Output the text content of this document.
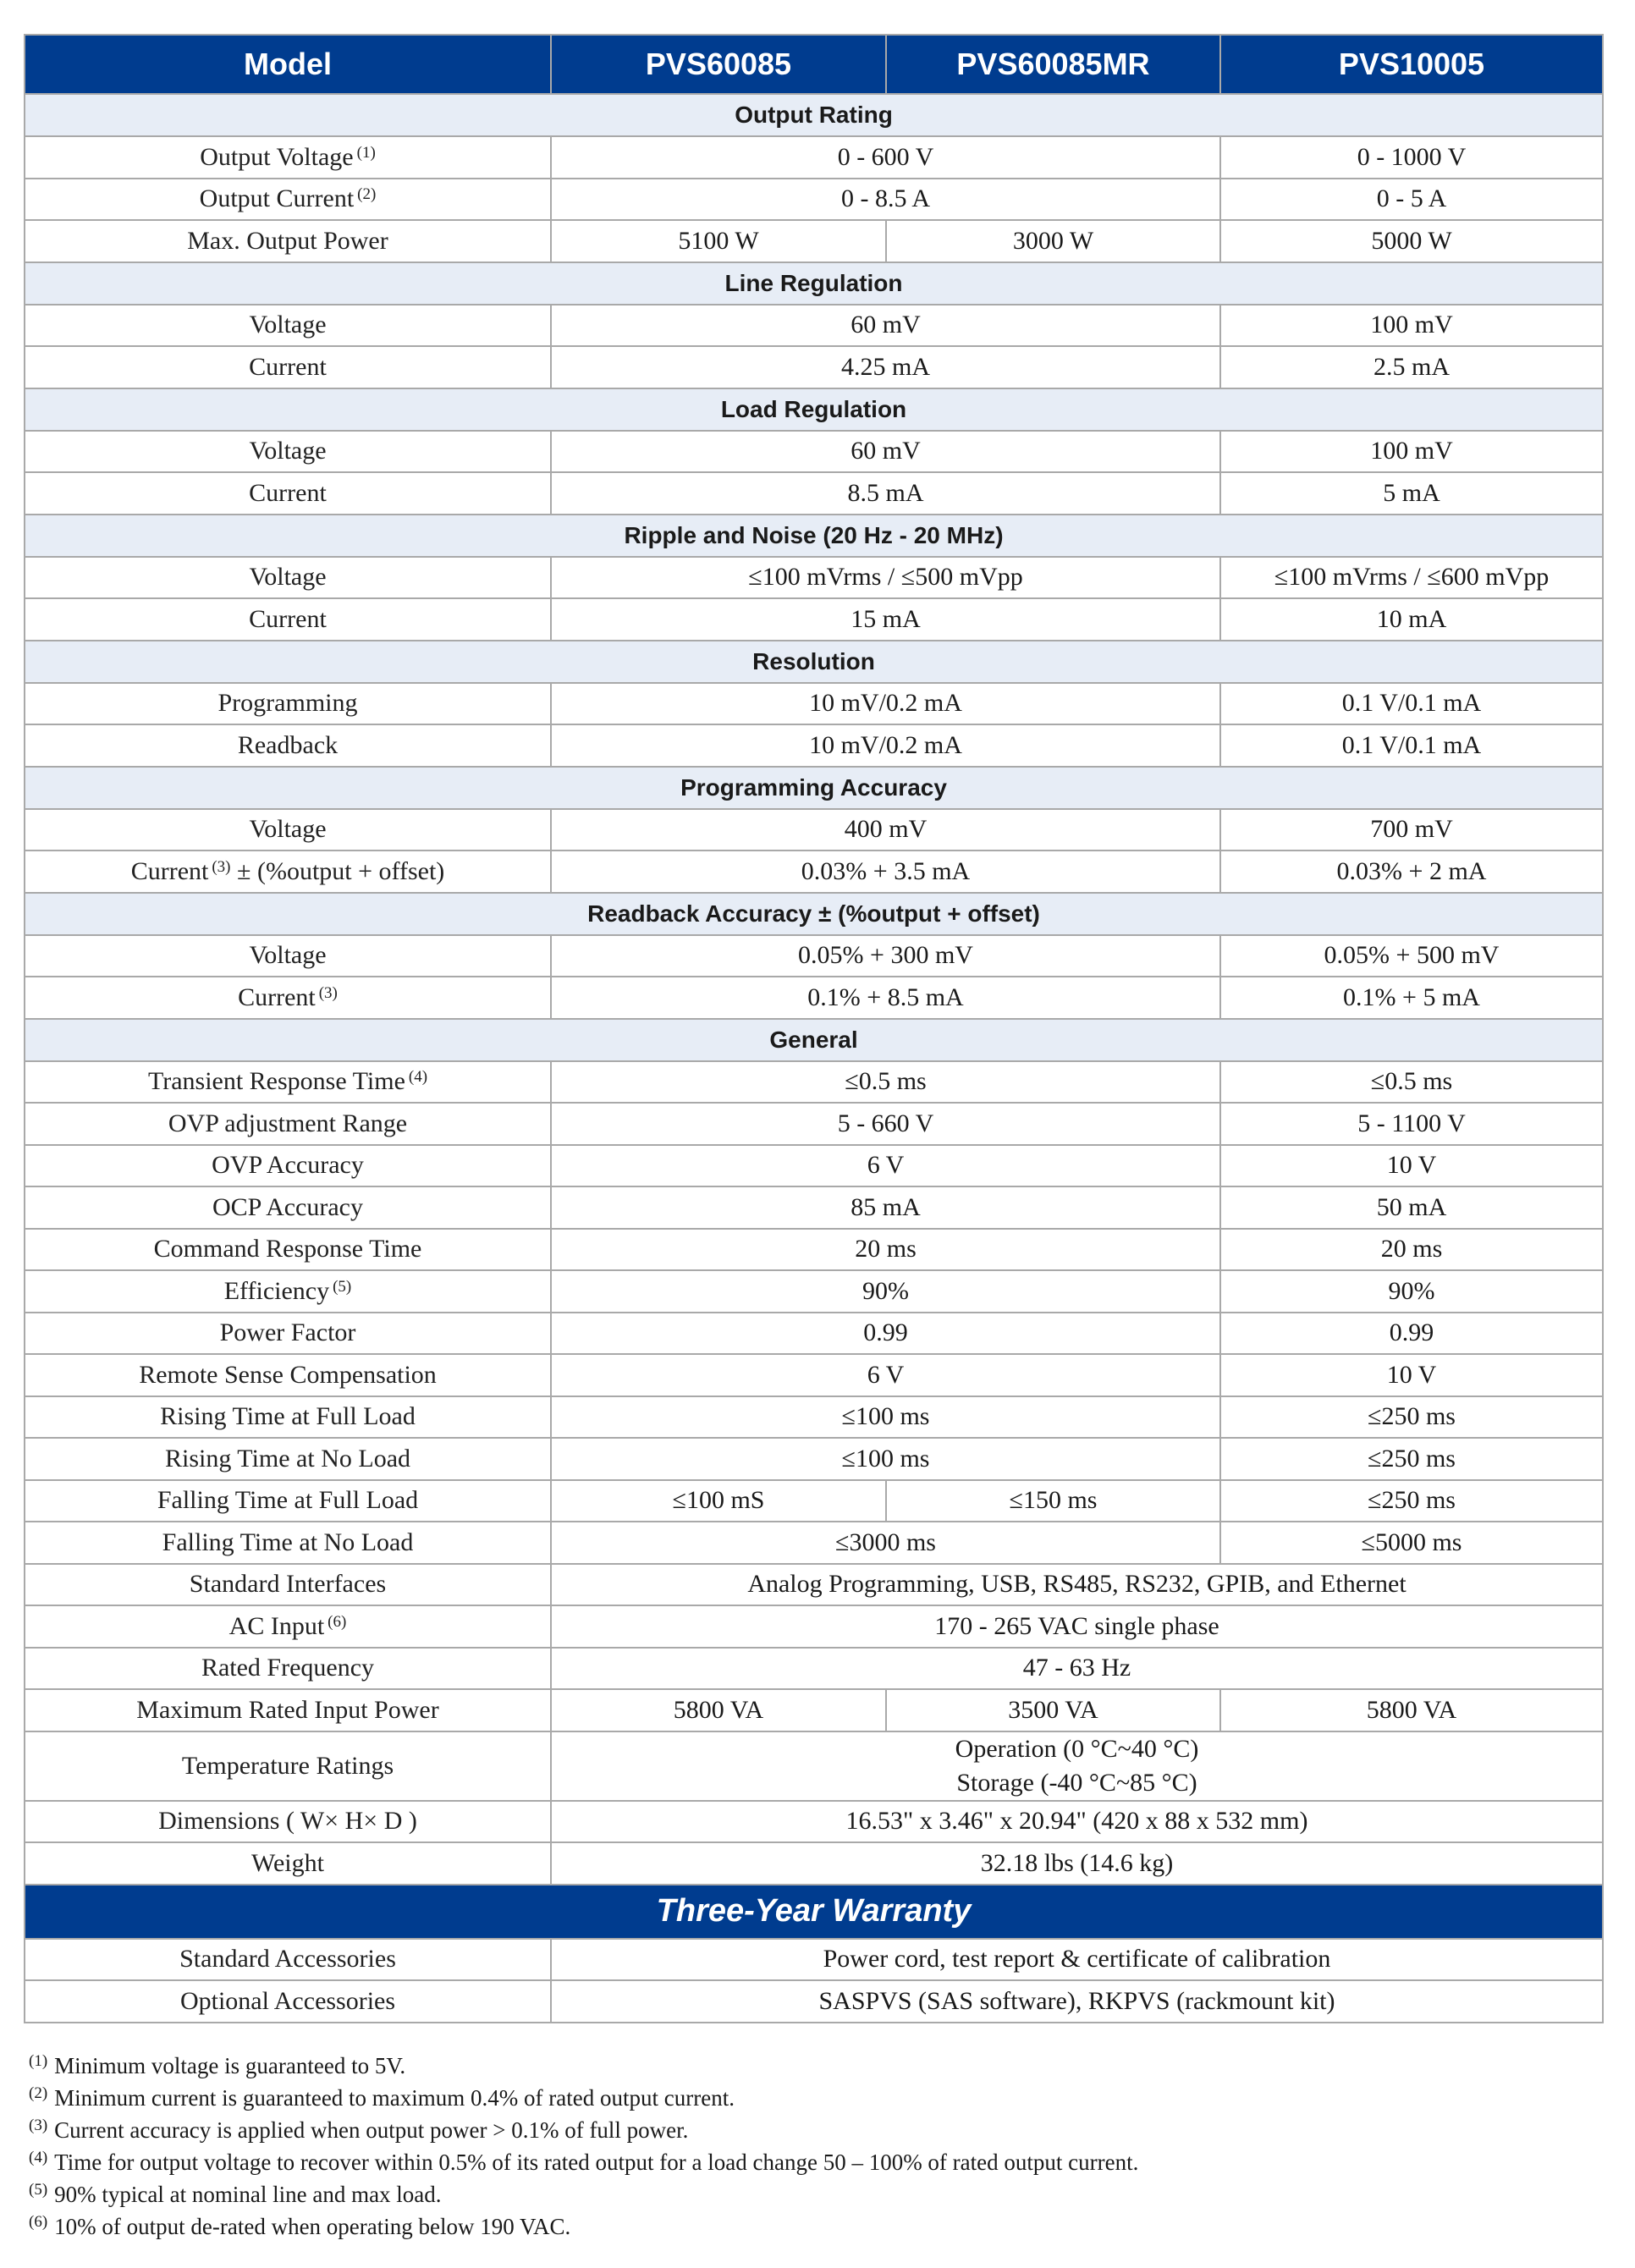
Model	PVS60085	PVS60085MR	PVS10005
Output Rating			
Output Voltage $^{(1)}$	0 - 600 V		0 - 1000 V
Output Current $^{(2)}$	0 - 8.5 A		0 - 5 A
Max. Output Power	5100 W	3000 W	5000 W
Line Regulation			
Voltage	60 mV		100 mV
Current	4.25 mA		2.5 mA
Load Regulation			
Voltage	60 mV		100 mV
Current	8.5 mA		5 mA
Ripple and Noise (20 Hz - 20 MHz)			
Voltage	≤100 mVrms / ≤500 mVpp		≤100 mVrms / ≤600 mVpp
Current	15 mA		10 mA
Resolution			
Programming	10 mV/0.2 mA		0.1 V/0.1 mA
Readback	10 mV/0.2 mA		0.1 V/0.1 mA
Programming Accuracy			
Voltage	400 mV		700 mV
Current $^{(3)}$ ± (%output + offset)	0.03% + 3.5 mA		0.03% + 2 mA
Readback Accuracy ± (%output + offset)			
Voltage	0.05% + 300 mV		0.05% + 500 mV
Current $^{(3)}$	0.1% + 8.5 mA		0.1% + 5 mA
General			
Transient Response Time $^{(4)}$	≤0.5 ms		≤0.5 ms
OVP adjustment Range	5 - 660 V		5 - 1100 V
OVP Accuracy	6 V		10 V
OCP Accuracy	85 mA		50 mA
Command Response Time	20 ms		20 ms
Efficiency $^{(5)}$	90%		90%
Power Factor	0.99		0.99
Remote Sense Compensation	6 V		10 V
Rising Time at Full Load	≤100 ms		≤250 ms
Rising Time at No Load	≤100 ms		≤250 ms
Falling Time at Full Load	≤100 mS	≤150 ms	≤250 ms
Falling Time at No Load	≤3000 ms		≤5000 ms
Standard Interfaces	Analog Programming, USB, RS485, RS232, GPIB, and Ethernet		
AC Input $^{(6)}$	170 - 265 VAC single phase		
Rated Frequency	47 - 63 Hz		
Maximum Rated Input Power	5800 VA	3500 VA	5800 VA
Temperature Ratings	Operation (0 °C~40 °C)
Storage (-40 °C~85 °C)		

Dimensions ( W× H× D )	16.53" x 3.46" x 20.94" (420 x 88 x 532 mm)		
Weight	32.18 lbs (14.6 kg)		
Three-Year Warranty			
Standard Accessories	Power cord, test report & certificate of calibration		
Optional Accessories	SASPVS (SAS software), RKPVS (rackmount kit)		
$^{(1)}$ Minimum voltage is guaranteed to 5V.
$^{(2)}$ Minimum current is guaranteed to maximum 0.4% of rated output current.
$^{(3)}$ Current accuracy is applied when output power > 0.1% of full power.
$^{(4)}$ Time for output voltage to recover within 0.5% of its rated output for a load change 50 – 100% of rated output current.
$^{(5)}$ 90% typical at nominal line and max load.
$^{(6)}$ 10% of output de-rated when operating below 190 VAC.
